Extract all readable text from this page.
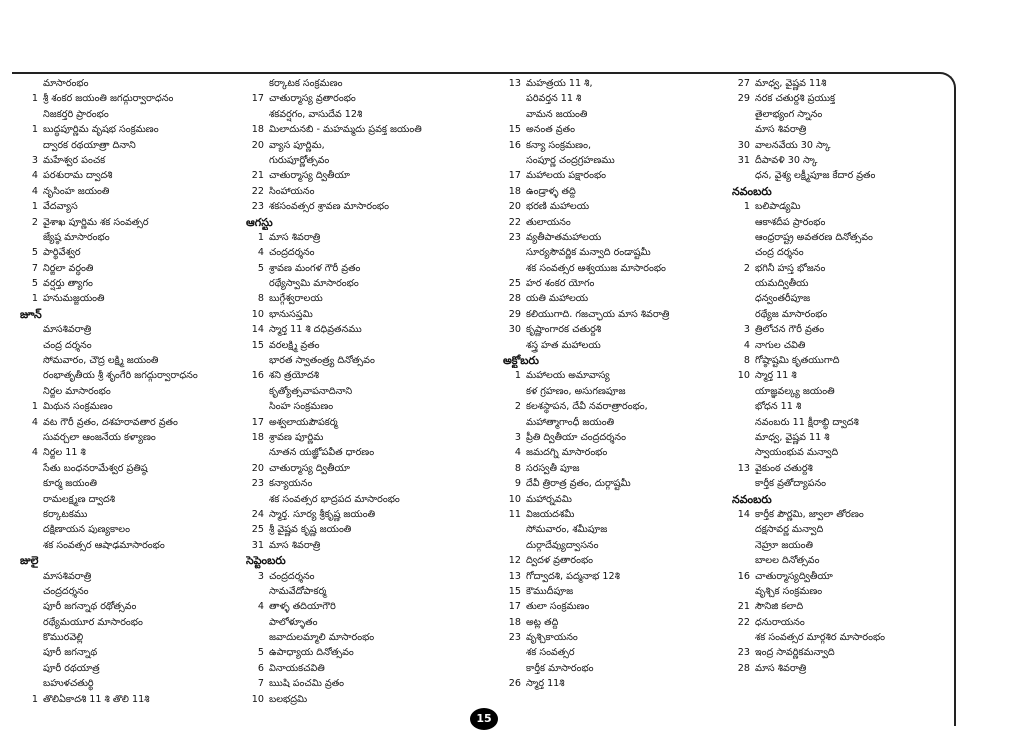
మాసారంభం
1 శ్రీ శంకర జయంతి జగద్గుర్వారాధనం
నిజకర్తరి ప్రారంభం
1 బుద్ధపూర్ణిమ వృషభ సంక్రమణం
ద్వారక రథయాత్రా దినాని
3 మహేశ్వర పంచక
4 పరశురామ ద్వాదశి
4 నృసింహ జయంతి
1 వేదవ్యాస
2 వైశాఖ పూర్ణిమ శక సంవత్సర
జ్యేష్ఠ మాసారంభం
5 పార్థివేశ్వర
7 నిర్జలా వర్ధంతి
5 వర్షర్తు త్యాగం
1 హనుమజ్జయంతి
జూన్
మాసశివరాత్రి
చంద్ర దర్శనం
సోమవారం, చౌద్ర లక్ష్మి జయంతి
రంభాతృతీయ శ్రీ శృంగేరి జగద్గుర్వారాధనం
నిర్జల మాసారంభం
1 మిథున సంక్రమణం
4 వట గౌరీ వ్రతం, దశహరావతార వ్రతం
సువర్చలా ఆంజనేయ కళ్యాణం
4 నిర్జల 11 శి
సేతు బంధనరామేశ్వర ప్రతిష్ఠ
కూర్మ జయంతి
రామలక్ష్మణ ద్వాదశి
కర్కాటకము
దక్షిణాయన పుణ్యకాలం
శక సంవత్సర ఆషాఢమాసారంభం
జులై
మాసశివరాత్రి
చంద్రదర్శనం
పూరీ జగన్నాథ రథోత్సవం
రథ్యేమయూర మాసారంభం
కొమురవెల్లి
పూరీ జగన్నాథ
పూరీ రథయాత్ర
బహుళచతుర్థి
1 తొలిఏకాదశి 11 శి తొలి 11శి
కర్కాటక సంక్రమణం
17 చాతుర్మాస్య వ్రతారంభం
శకవర్షగం, వాసుదేవ 12శి
18 మిలాదునబి - మహమ్మదు ప్రవక్త జయంతి
20 వ్యాస పూర్ణిమ,
గురుపూర్ణోత్సవం
21 చాతుర్మాస్య ద్వితీయా
22 సింహాయనం
23 శకసంవత్సర శ్రావణ మాసారంభం
ఆగస్టు
1 మాస శివరాత్రి
4 చంద్రదర్శనం
5 శ్రావణ మంగళ గౌరీ వ్రతం
రథ్యేస్వామి మాసారంభం
8 బుగ్గేశ్వరాలయ
10 భానుసప్తమి
14 స్మార్త 11 శి దధివ్రతనము
15 వరలక్ష్మి వ్రతం
భారత స్వాతంత్ర్య దినోత్సవం
16 శని త్రయోదశి
కృత్యోత్సవాపనాదినాని
సింహ సంక్రమణం
17 అశ్వలాయపౌపకర్మ
18 శ్రావణ పూర్ణిమ
నూతన యజ్ఞోపవీత ధారణం
20 చాతుర్మాస్య ద్వితీయా
23 కన్యాయనం
శక సంవత్సర భాద్రపద మాసారంభం
24 స్మార్త. సూర్య శ్రీకృష్ణ జయంతి
25 శ్రీ వైష్ణవ కృష్ణ జయంతి
31 మాస శివరాత్రి
సెప్టెంబరు
3 చంద్రదర్శనం
సామవేదోపాకర్మ
4 తాళ్ళ తదియాగౌరి
పాలోళ్ళూతం
జవాదులమ్మాలి మాసారంభం
5 ఉపాధ్యాయ దినోత్సవం
6 వినాయకచవితి
7 ఋషి పంచమి వ్రతం
10 బలభద్రమి
13 మహత్రయ 11 శి,
పరివర్తన 11 శి
వామన జయంతి
15 అనంత వ్రతం
16 కన్యా సంక్రమణం,
సంపూర్ణ చంద్రగ్రహణము
17 మహాలయ పక్షారంభం
18 ఉండ్రాళ్ళ తద్ది
20 భరణి మహాలయ
22 తులాయనం
23 వ్యతీపాతమహాలయ
సూర్యసౌవర్ణిక మన్వాది రండాష్టమీ
శక సంవత్సర ఆశ్వయుజ మాసారంభం
25 హర శంకర యోగం
28 యతి మహాలయ
29 కలియుగాది. గజచ్ఛాయ మాస శివరాత్రి
30 కృష్ణాంగారక చతుర్దశి
శస్త్ర హత మహాలయ
అక్టోబరు
1 మహాలయ అమావాస్య
కళ గ్రహణం, అసుగణపూజ
2 కలశస్థాపన, దేవీ నవరాత్రారంభం,
మహాత్మాగాంధీ జయంతి
3 ప్రీతి ద్వితీయా చంద్రదర్శనం
4 జమదగ్ని మాసారంభం
8 సరస్వతీ పూజ
9 దేవీ త్రిరాత్ర వ్రతం, దుర్గాష్టమీ
10 మహార్నవమి
11 విజయదశమీ
సోమవారం, శమీపూజ
దుర్గాదేవ్యుద్వాసనం
12 ద్విదళ వ్రతారంభం
13 గోద్వాదశి, పద్మనాభ 12శి
15 కౌముదీపూజ
17 తులా సంక్రమణం
18 అట్ల తద్ది
23 వృశ్చికాయనం
శక సంవత్సర
కార్తీక మాసారంభం
26 స్మార్త 11శి
27 మాధ్వ, వైష్ణవ 11శి
29 నరక చతుర్దశి ప్రయుక్త
తైలాభ్యంగ స్నానం
మాస శివరాత్రి
30 వాలనవేయ 30 స్కా
31 దీపావళి 30 స్కా
ధన, వైశ్య లక్ష్మీపూజ కేదార వ్రతం
నవంబరు
1 బలిపాడ్యమి
ఆకాశదీప ప్రారంభం
ఆంధ్రరాష్ట్ర అవతరణ దినోత్సవం
చంద్ర దర్శనం
2 భగినీ హస్త భోజనం
యమద్వితీయ
ధన్వంతరీపూజ
రథ్యేజ మాసారంభం
3 త్రిలోచన గౌరీ వ్రతం
4 నాగుల చవితి
8 గోష్ఠాష్టమి కృతయుగాది
10 స్మార్త 11 శి
యాజ్ఞవల్క్య జయంతి
భోధన 11 శి
నవంబరు 11 క్షీరాబ్ధి ద్వాదశి
మాధ్వ, వైష్ణవ 11 శి
స్వాయంభువ మన్వాది
13 వైకుంఠ చతుర్దశి
కార్తీక వ్రతోద్యాపనం
నవంబరు
14 కార్తీక పౌర్ణమి, జ్వాలా తోరణం
దక్షసావర్ణ మన్వాది
నెహ్రూ జయంతి
బాలల దినోత్సవం
16 చాతుర్మాస్యద్వితీయా
వృశ్చిక సంక్రమణం
21 సౌనిజి కలాది
22 ధనురాయనం
శక సంవత్సర మార్గశిర మాసారంభం
23 ఇంద్ర సావర్ణికమన్వాది
28 మాస శివరాత్రి
15
